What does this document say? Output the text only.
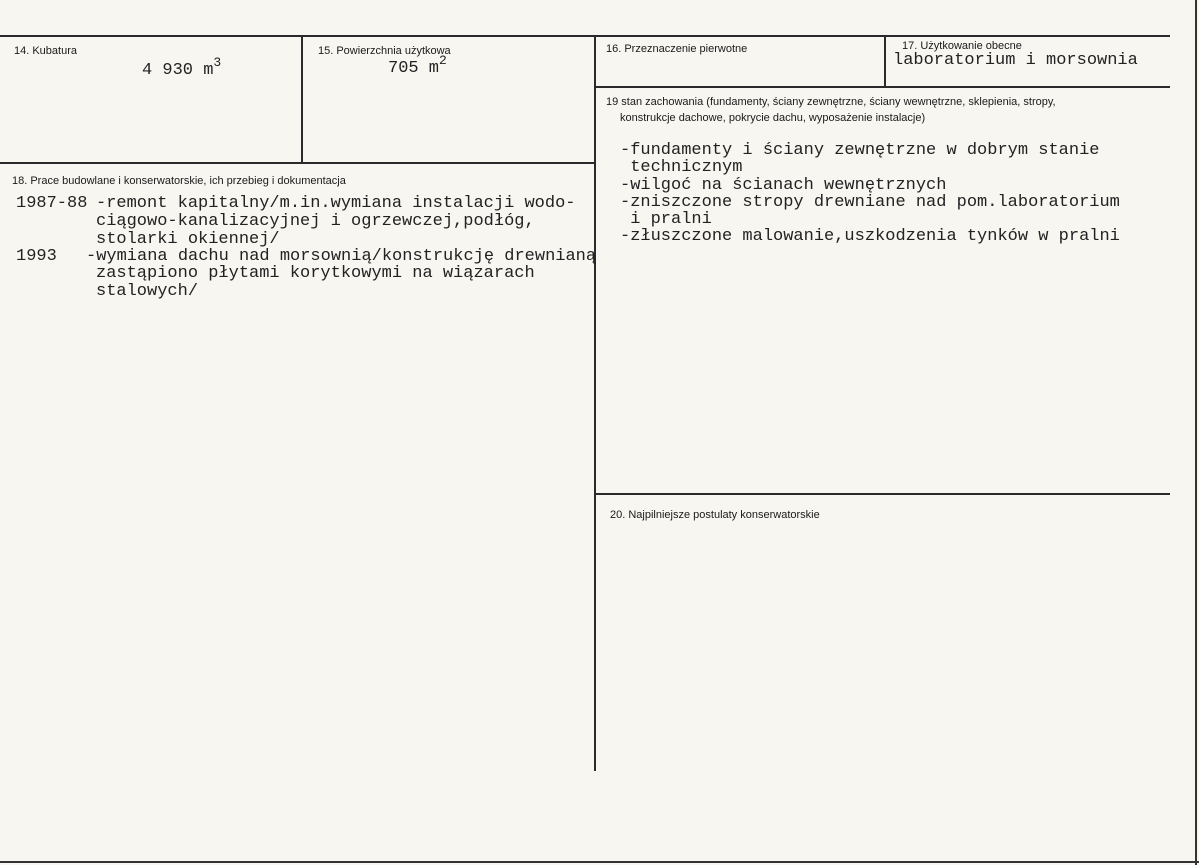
14. Kubatura
4 930 $m^3$
15. Powierzchnia użytkowa
705 $m^2$
16. Przeznaczenie pierwotne	17. Użytkowanie obecne
laboratorium i morsownia
18. Prace budowlane i konserwatorskie, ich przebieg i dokumentacja
1987-88 -remont kapitalny/m.in.wymiana instalacji wodo-
ciągowo-kanalizacyjnej i ogrzewczej,podłóg,
stolarki okiennej/
1993 -wymiana dachu nad morsownią/konstrukcję drewnianą
zastąpiono płytami korytkowymi na wiązarach
stalowych/
19 stan zachowania (fundamenty, ściany zewnętrzne, ściany wewnętrzne, sklepienia, stropy,
konstrukcje dachowe, pokrycie dachu, wyposażenie instalacje)
-fundamenty i ściany zewnętrzne w dobrym stanie
technicznym
-wilgoć na ścianach wewnętrznych
-zniszczone stropy drewniane nad pom.laboratorium
i pralni
-złuszczone malowanie,uszkodzenia tynków w pralni
20. Najpilniejsze postulaty konserwatorskie
